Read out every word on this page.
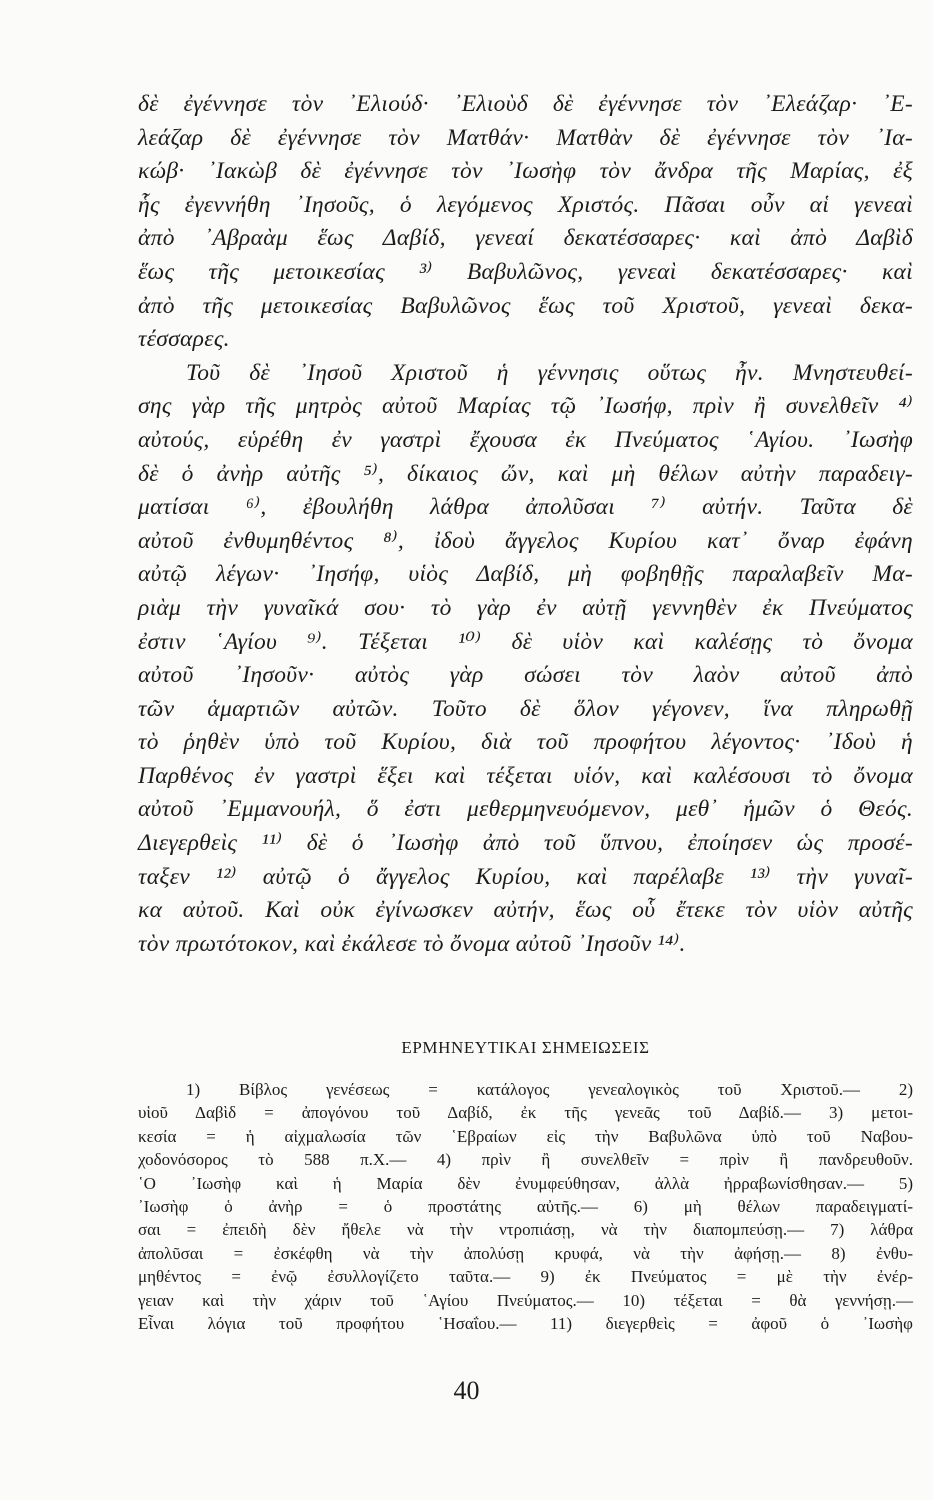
δὲ ἐγέννησε τὸν ᾿Ελιούδ· ᾿Ελιοὺδ δὲ ἐγέννησε τὸν ᾿Ελεάζαρ· ᾿Ε-
λεάζαρ δὲ ἐγέννησε τὸν Ματθάν· Ματθὰν δὲ ἐγέννησε τὸν ᾿Ια-
κώβ· ᾿Ιακὼβ δὲ ἐγέννησε τὸν ᾿Ιωσὴφ τὸν ἄνδρα τῆς Μαρίας, ἐξ
ἧς ἐγεννήθη ᾿Ιησοῦς, ὁ λεγόμενος Χριστός. Πᾶσαι οὖν αἱ γενεαὶ
ἀπὸ ᾿Αβραὰμ ἕως Δαβίδ, γενεαί δεκατέσσαρες· καὶ ἀπὸ Δαβὶδ
ἕως τῆς μετοικεσίας ³⁾ Βαβυλῶνος, γενεαὶ δεκατέσσαρες· καὶ
ἀπὸ τῆς μετοικεσίας Βαβυλῶνος ἕως τοῦ Χριστοῦ, γενεαὶ δεκα-
τέσσαρες.
Τοῦ δὲ ᾿Ιησοῦ Χριστοῦ ἡ γέννησις οὕτως ἦν. Μνηστευθεί-
σης γὰρ τῆς μητρὸς αὐτοῦ Μαρίας τῷ ᾿Ιωσήφ, πρὶν ἢ συνελθεῖν ⁴⁾
αὐτούς, εὑρέθη ἐν γαστρὶ ἔχουσα ἐκ Πνεύματος ῾Αγίου. ᾿Ιωσὴφ
δὲ ὁ ἀνὴρ αὐτῆς ⁵⁾, δίκαιος ὤν, καὶ μὴ θέλων αὐτὴν παραδειγ-
ματίσαι ⁶⁾, ἐβουλήθη λάθρα ἀπολῦσαι ⁷⁾ αὐτήν. Ταῦτα δὲ
αὐτοῦ ἐνθυμηθέντος ⁸⁾, ἰδοὺ ἄγγελος Κυρίου κατ᾿ ὄναρ ἐφάνη
αὐτῷ λέγων· ᾿Ιησήφ, υἱὸς Δαβίδ, μὴ φοβηθῇς παραλαβεῖν Μα-
ριὰμ τὴν γυναῖκά σου· τὸ γὰρ ἐν αὐτῇ γεννηθὲν ἐκ Πνεύματος
ἐστιν ῾Αγίου ⁹⁾. Τέξεται ¹⁰⁾ δὲ υἱὸν καὶ καλέσῃς τὸ ὄνομα
αὐτοῦ ᾿Ιησοῦν· αὐτὸς γὰρ σώσει τὸν λαὸν αὐτοῦ ἀπὸ
τῶν ἁμαρτιῶν αὐτῶν. Τοῦτο δὲ ὅλον γέγονεν, ἵνα πληρωθῇ
τὸ ῥηθὲν ὑπὸ τοῦ Κυρίου, διὰ τοῦ προφήτου λέγοντος· ᾿Ιδοὺ ἡ
Παρθένος ἐν γαστρὶ ἕξει καὶ τέξεται υἱόν, καὶ καλέσουσι τὸ ὄνομα
αὐτοῦ ᾿Εμμανουήλ, ὅ ἐστι μεθερμηνευόμενον, μεθ᾿ ἡμῶν ὁ Θεός.
Διεγερθεὶς ¹¹⁾ δὲ ὁ ᾿Ιωσὴφ ἀπὸ τοῦ ὕπνου, ἐποίησεν ὡς προσέ-
ταξεν ¹²⁾ αὐτῷ ὁ ἄγγελος Κυρίου, καὶ παρέλαβε ¹³⁾ τὴν γυναῖ-
κα αὐτοῦ. Καὶ οὐκ ἐγίνωσκεν αὐτήν, ἕως οὗ ἔτεκε τὸν υἱὸν αὐτῆς
τὸν πρωτότοκον, καὶ ἐκάλεσε τὸ ὄνομα αὐτοῦ ᾿Ιησοῦν ¹⁴⁾.
ΕΡΜΗΝΕΥΤΙΚΑΙ ΣΗΜΕΙΩΣΕΙΣ
1) Βίβλος γενέσεως = κατάλογος γενεαλογικὸς τοῦ Χριστοῦ.— 2)
υἱοῦ Δαβὶδ = ἀπογόνου τοῦ Δαβίδ, ἐκ τῆς γενεᾶς τοῦ Δαβίδ.— 3) μετοι-
κεσία = ἡ αἰχμαλωσία τῶν ῾Εβραίων εἰς τὴν Βαβυλῶνα ὑπὸ τοῦ Ναβου-
χοδονόσορος τὸ 588 π.Χ.— 4) πρὶν ἢ συνελθεῖν = πρὶν ἢ πανδρευθοῦν.
῾Ο ᾿Ιωσὴφ καὶ ἡ Μαρία δὲν ἐνυμφεύθησαν, ἀλλὰ ἠρραβωνίσθησαν.— 5)
᾿Ιωσὴφ ὁ ἀνὴρ = ὁ προστάτης αὐτῆς.— 6) μὴ θέλων παραδειγματί-
σαι = ἐπειδὴ δὲν ἤθελε νὰ τὴν ντροπιάσῃ, νὰ τὴν διαπομπεύσῃ.— 7) λάθρα
ἀπολῦσαι = ἐσκέφθη νὰ τὴν ἀπολύσῃ κρυφά, νὰ τὴν ἀφήσῃ.— 8) ἐνθυ-
μηθέντος = ἐνῷ ἐσυλλογίζετο ταῦτα.— 9) ἐκ Πνεύματος = μὲ τὴν ἐνέρ-
γειαν καὶ τὴν χάριν τοῦ ῾Αγίου Πνεύματος.— 10) τέξεται = θὰ γεννήσῃ.—
Εἶναι λόγια τοῦ προφήτου ῾Ησαΐου.— 11) διεγερθεὶς = ἀφοῦ ὁ ᾿Ιωσὴφ
40
